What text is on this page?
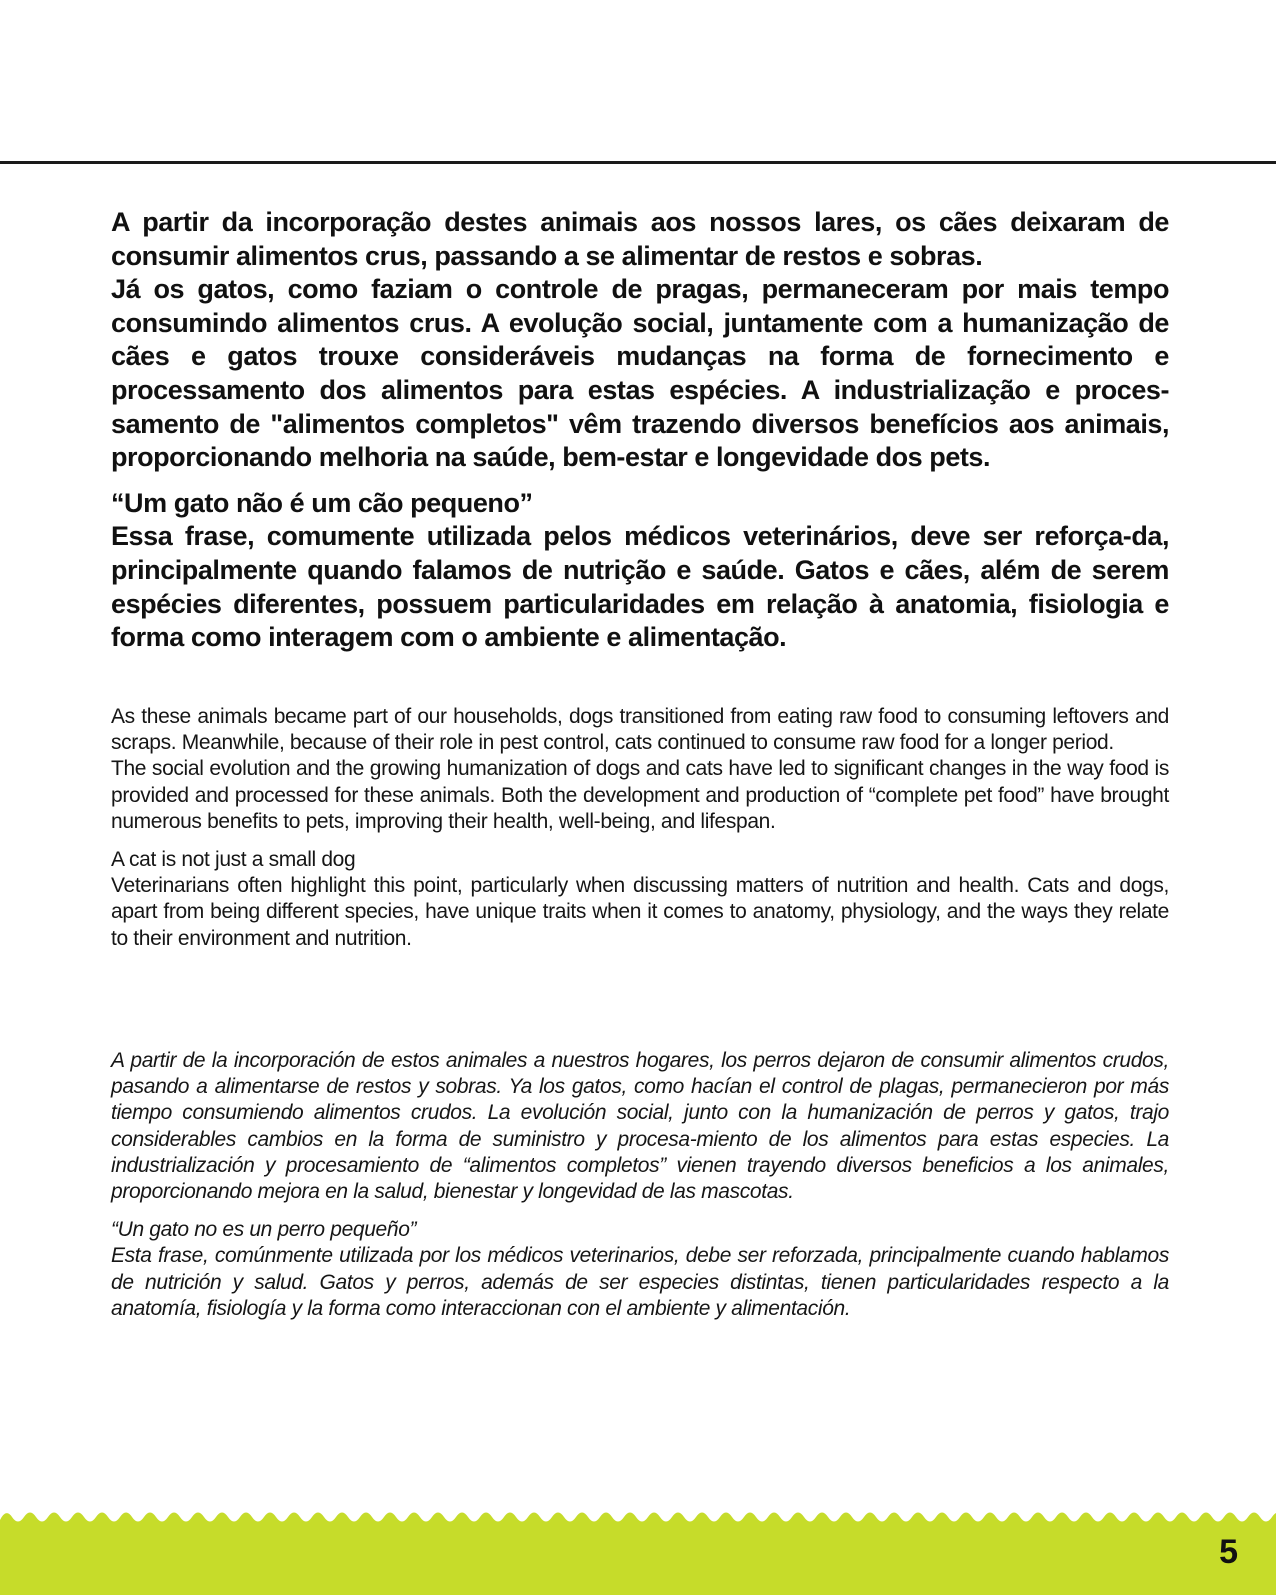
A partir da incorporação destes animais aos nossos lares, os cães deixaram de consumir alimentos crus, passando a se alimentar de restos e sobras.

Já os gatos, como faziam o controle de pragas, permaneceram por mais tempo consumindo alimentos crus. A evolução social, juntamente com a humanização de cães e gatos trouxe consideráveis mudanças na forma de fornecimento e processamento dos alimentos para estas espécies. A industrialização e proces-samento de "alimentos completos" vêm trazendo diversos benefícios aos animais, proporcionando melhoria na saúde, bem-estar e longevidade dos pets.

“Um gato não é um cão pequeno”

Essa frase, comumente utilizada pelos médicos veterinários, deve ser reforça-da, principalmente quando falamos de nutrição e saúde. Gatos e cães, além de serem espécies diferentes, possuem particularidades em relação à anatomia, fisiologia e forma como interagem com o ambiente e alimentação.

As these animals became part of our households, dogs transitioned from eating raw food to consuming leftovers and scraps. Meanwhile, because of their role in pest control, cats continued to consume raw food for a longer period.

The social evolution and the growing humanization of dogs and cats have led to significant changes in the way food is provided and processed for these animals. Both the development and production of “complete pet food” have brought numerous benefits to pets, improving their health, well-being, and lifespan.

A cat is not just a small dog

Veterinarians often highlight this point, particularly when discussing matters of nutrition and health. Cats and dogs, apart from being different species, have unique traits when it comes to anatomy, physiology, and the ways they relate to their environment and nutrition.

A partir de la incorporación de estos animales a nuestros hogares, los perros dejaron de consumir alimentos crudos, pasando a alimentarse de restos y sobras. Ya los gatos, como hacían el control de plagas, permanecieron por más tiempo consumiendo alimentos crudos. La evolución social, junto con la humanización de perros y gatos, trajo considerables cambios en la forma de suministro y procesa-miento de los alimentos para estas especies. La industrialización y procesamiento de “alimentos completos” vienen trayendo diversos beneficios a los animales, proporcionando mejora en la salud, bienestar y longevidad de las mascotas.

“Un gato no es un perro pequeño”

Esta frase, comúnmente utilizada por los médicos veterinarios, debe ser reforzada, principalmente cuando hablamos de nutrición y salud. Gatos y perros, además de ser especies distintas, tienen particularidades respecto a la anatomía, fisiología y la forma como interaccionan con el ambiente y alimentación.

5
